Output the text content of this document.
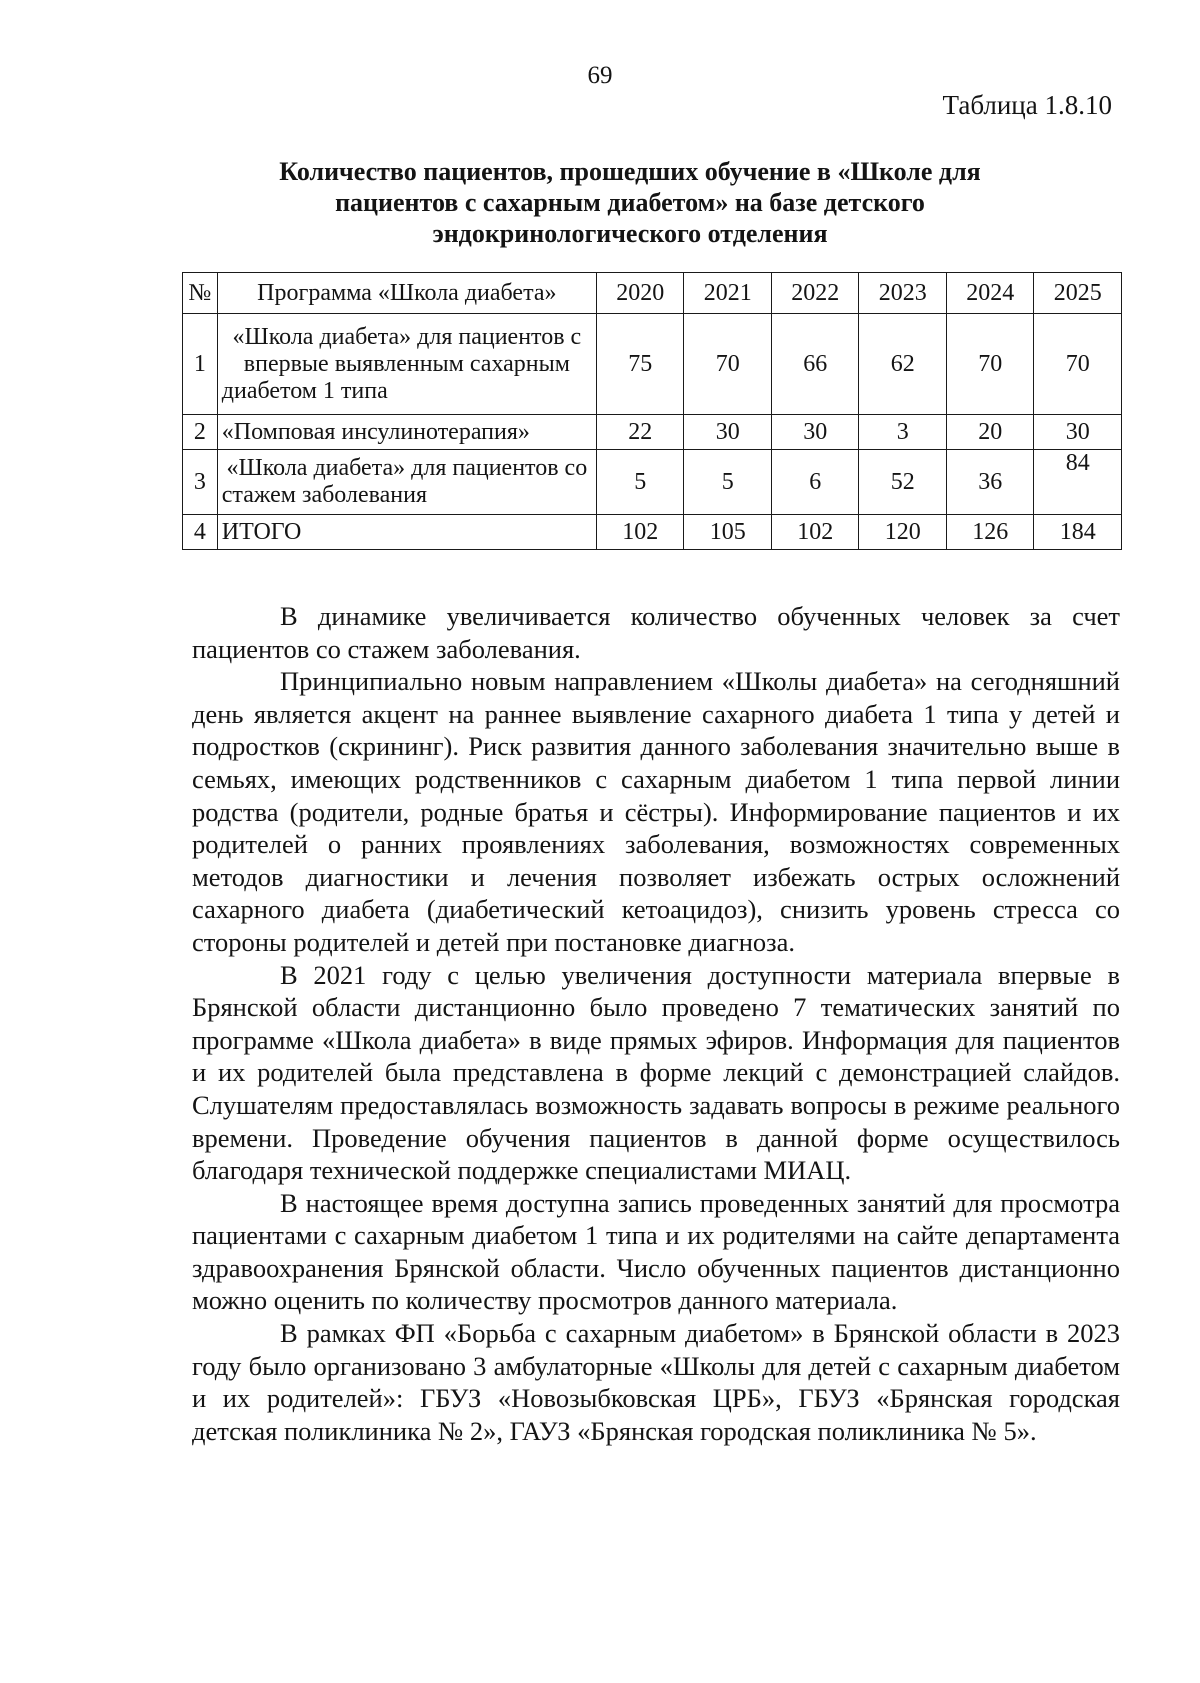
69
Таблица 1.8.10
Количество пациентов, прошедших обучение в «Школе для
пациентов с сахарным диабетом» на базе детского
эндокринологического отделения
№	Программа «Школа диабета»	2020	2021	2022	2023	2024	2025
1	«Школа диабета» для пациентов с впервые выявленным сахарным диабетом 1 типа	75	70	66	62	70	70
2	«Помповая инсулинотерапия»	22	30	30	3	20	30
3	«Школа диабета» для пациентов со стажем заболевания	5	5	6	52	36	84
4	ИТОГО	102	105	102	120	126	184

В динамике увеличивается количество обученных человек за счет пациентов со стажем заболевания.

Принципиально новым направлением «Школы диабета» на сегодняшний день является акцент на раннее выявление сахарного диабета 1 типа у детей и подростков (скрининг). Риск развития данного заболевания значительно выше в семьях, имеющих родственников с сахарным диабетом 1 типа первой линии родства (родители, родные братья и сёстры). Информирование пациентов и их родителей о ранних проявлениях заболевания, возможностях современных методов диагностики и лечения позволяет избежать острых осложнений сахарного диабета (диабетический кетоацидоз), снизить уровень стресса со стороны родителей и детей при постановке диагноза.

В 2021 году с целью увеличения доступности материала впервые в Брянской области дистанционно было проведено 7 тематических занятий по программе «Школа диабета» в виде прямых эфиров. Информация для пациентов и их родителей была представлена в форме лекций с демонстрацией слайдов. Слушателям предоставлялась возможность задавать вопросы в режиме реального времени. Проведение обучения пациентов в данной форме осуществилось благодаря технической поддержке специалистами МИАЦ.

В настоящее время доступна запись проведенных занятий для просмотра пациентами с сахарным диабетом 1 типа и их родителями на сайте департамента здравоохранения Брянской области. Число обученных пациентов дистанционно можно оценить по количеству просмотров данного материала.

В рамках ФП «Борьба с сахарным диабетом» в Брянской области в 2023 году было организовано 3 амбулаторные «Школы для детей с сахарным диабетом и их родителей»: ГБУЗ «Новозыбковская ЦРБ», ГБУЗ «Брянская городская детская поликлиника № 2», ГАУЗ «Брянская городская поликлиника № 5».
